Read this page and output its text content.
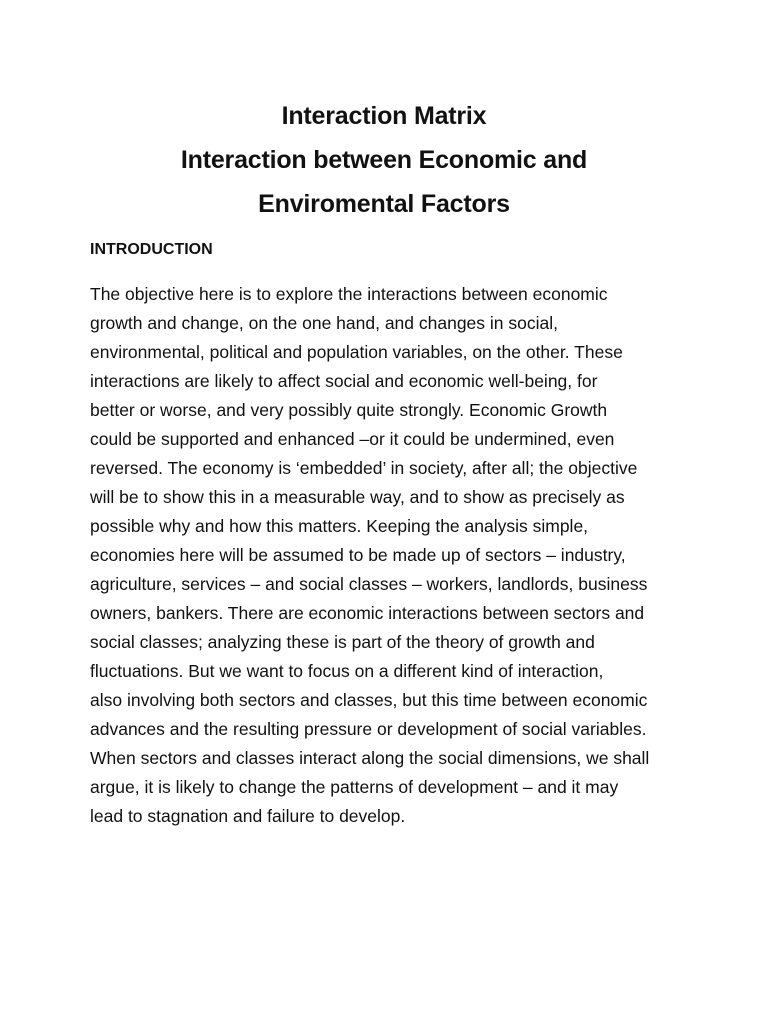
Interaction Matrix
Interaction between Economic and
Enviromental Factors
INTRODUCTION
The objective here is to explore the interactions between economic
growth and change, on the one hand, and changes in social,
environmental, political and population variables, on the other. These
interactions are likely to affect social and economic well-being, for
better or worse, and very possibly quite strongly. Economic Growth
could be supported and enhanced –or it could be undermined, even
reversed. The economy is ‘embedded’ in society, after all; the objective
will be to show this in a measurable way, and to show as precisely as
possible why and how this matters. Keeping the analysis simple,
economies here will be assumed to be made up of sectors – industry,
agriculture, services – and social classes – workers, landlords, business
owners, bankers. There are economic interactions between sectors and
social classes; analyzing these is part of the theory of growth and
fluctuations. But we want to focus on a different kind of interaction,
also involving both sectors and classes, but this time between economic
advances and the resulting pressure or development of social variables.
When sectors and classes interact along the social dimensions, we shall
argue, it is likely to change the patterns of development – and it may
lead to stagnation and failure to develop.
